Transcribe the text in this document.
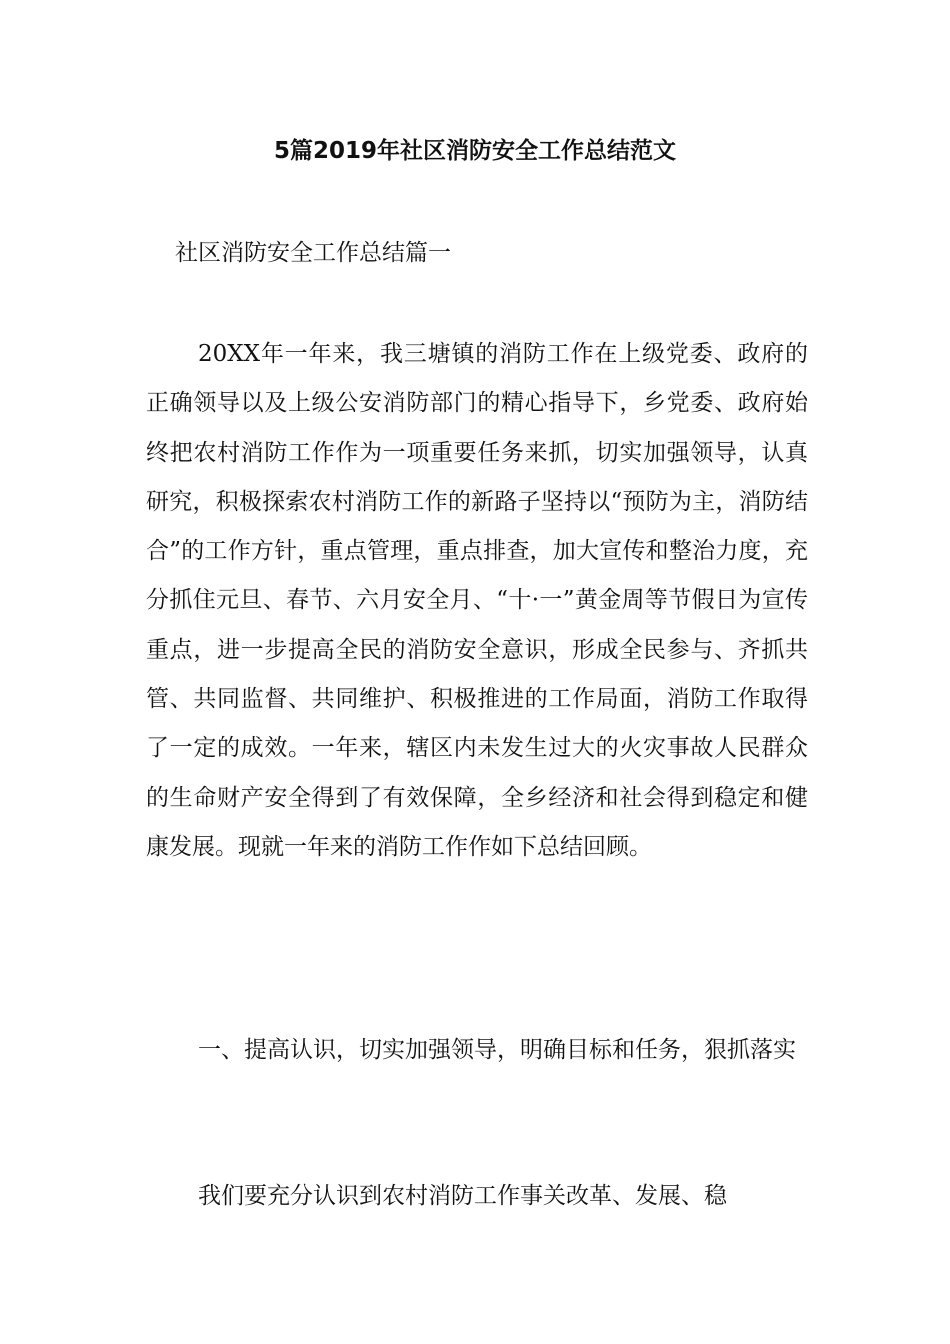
5篇2019年社区消防安全工作总结范文
社区消防安全工作总结篇一

20XX年一年来，我三塘镇的消防工作在上级党委、政府的正确领导以及上级公安消防部门的精心指导下，乡党委、政府始终把农村消防工作作为一项重要任务来抓，切实加强领导，认真研究，积极探索农村消防工作的新路子坚持以“预防为主，消防结合”的工作方针，重点管理，重点排查，加大宣传和整治力度，充分抓住元旦、春节、六月安全月、“十·一”黄金周等节假日为宣传重点，进一步提高全民的消防安全意识，形成全民参与、齐抓共管、共同监督、共同维护、积极推进的工作局面，消防工作取得了一定的成效。一年来，辖区内未发生过大的火灾事故人民群众的生命财产安全得到了有效保障，全乡经济和社会得到稳定和健康发展。现就一年来的消防工作作如下总结回顾。

一、提高认识，切实加强领导，明确目标和任务，狠抓落实

我们要充分认识到农村消防工作事关改革、发展、稳
